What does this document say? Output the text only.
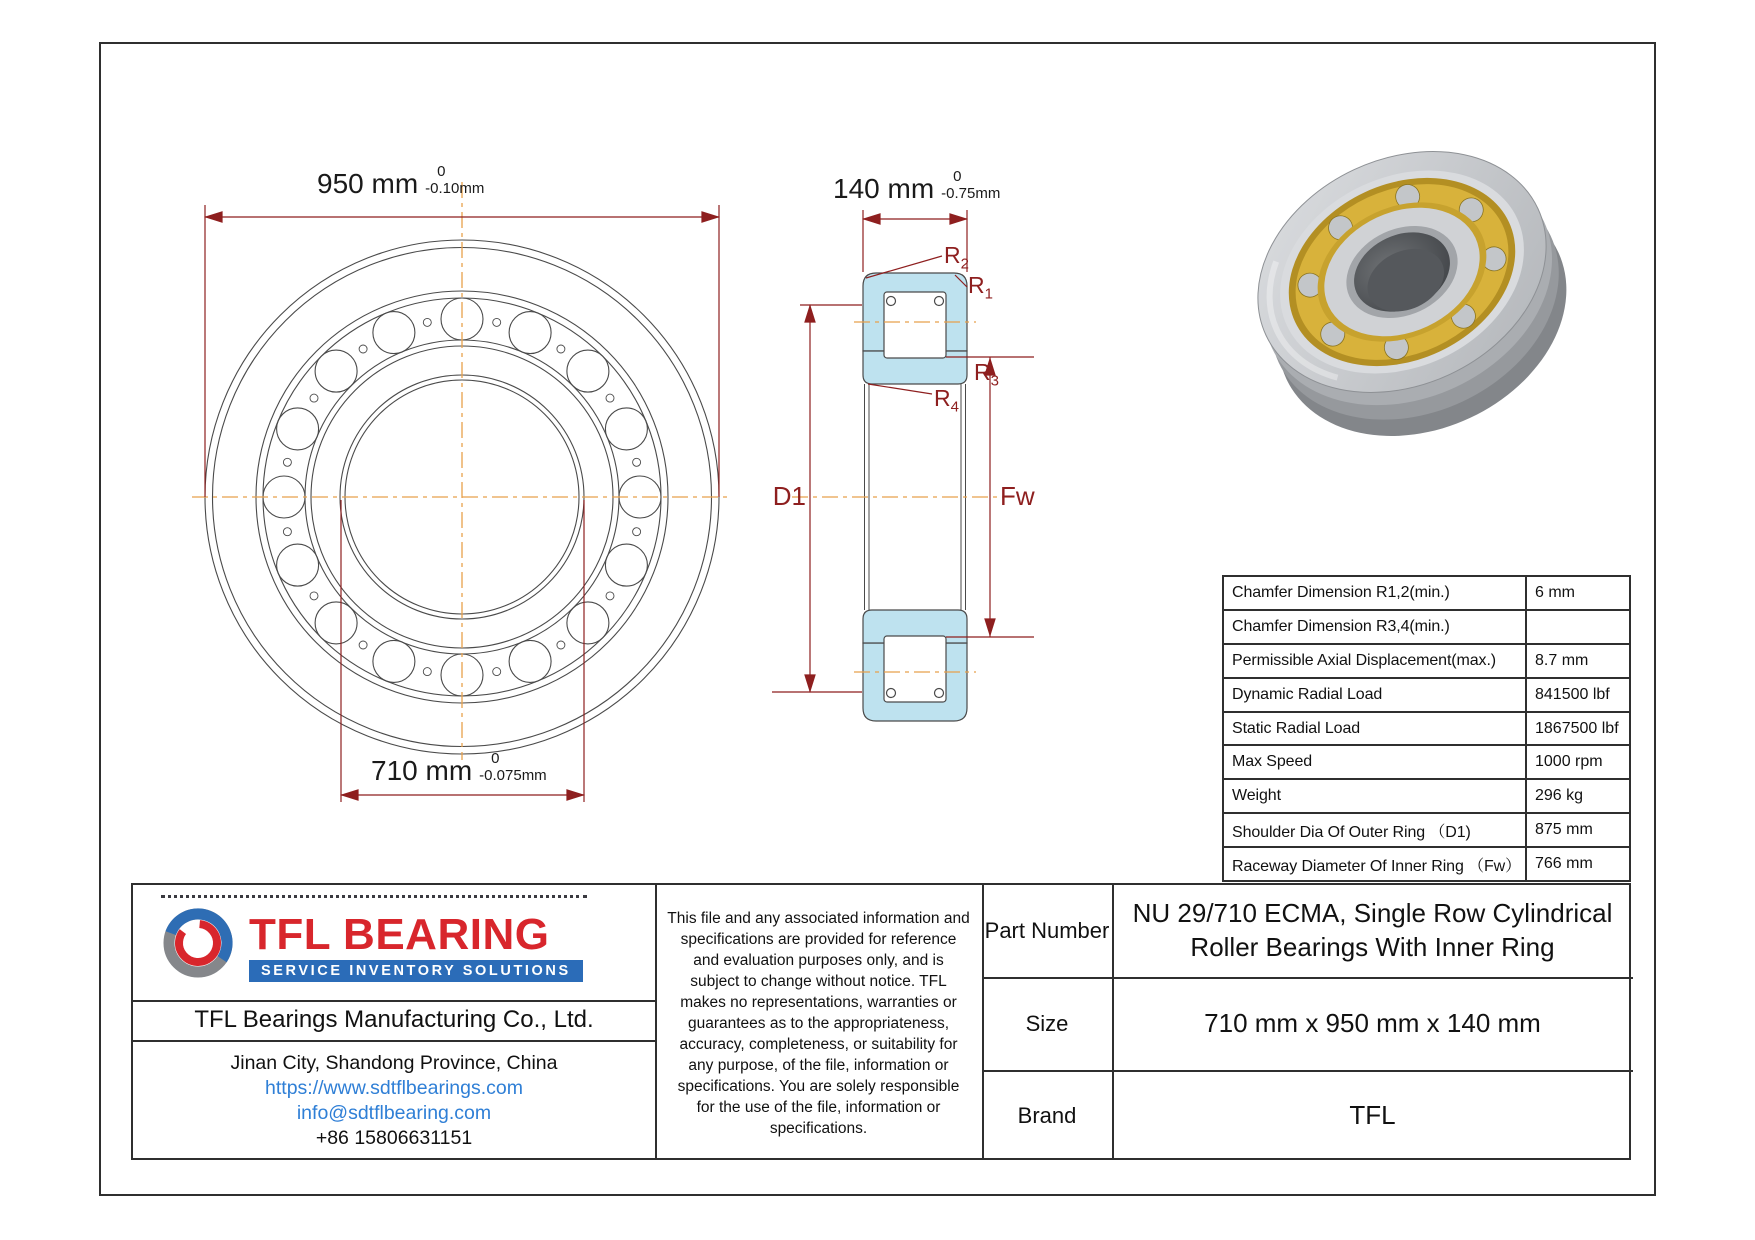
950 mm 0
-0.10mm	140 mm 0
-0.75mm
710 mm 0
-0.075mm
$R_2$
$R_1$
$R_3$
$R_4$
D1	Fw
Chamfer Dimension R1,2(min.)	6 mm
Chamfer Dimension R3,4(min.)
Permissible Axial Displacement(max.)	8.7 mm
Dynamic Radial Load	841500 lbf
Static Radial Load	1867500 lbf
Max Speed	1000 rpm
Weight	296 kg
Shoulder Dia Of Outer Ring （D1)	875 mm
Raceway Diameter Of Inner Ring （Fw） 766 mm
TFL BEARING
SERVICE INVENTORY SOLUTIONS
TFL Bearings Manufacturing Co., Ltd.
Jinan City, Shandong Province, China
https://www.sdtflbearings.com
info@sdtflbearing.com
+86 15806631151

This file and any associated information and specifications are provided for reference and evaluation purposes only, and is subject to change without notice. TFL makes no representations, warranties or guarantees as to the appropriateness, accuracy, completeness, or suitability for any purpose, of the file, information or specifications. You are solely responsible for the use of the file, information or specifications.

Part Number
NU 29/710 ECMA, Single Row Cylindrical Roller Bearings With Inner Ring
Size	710 mm x 950 mm x 140 mm
Brand	TFL
